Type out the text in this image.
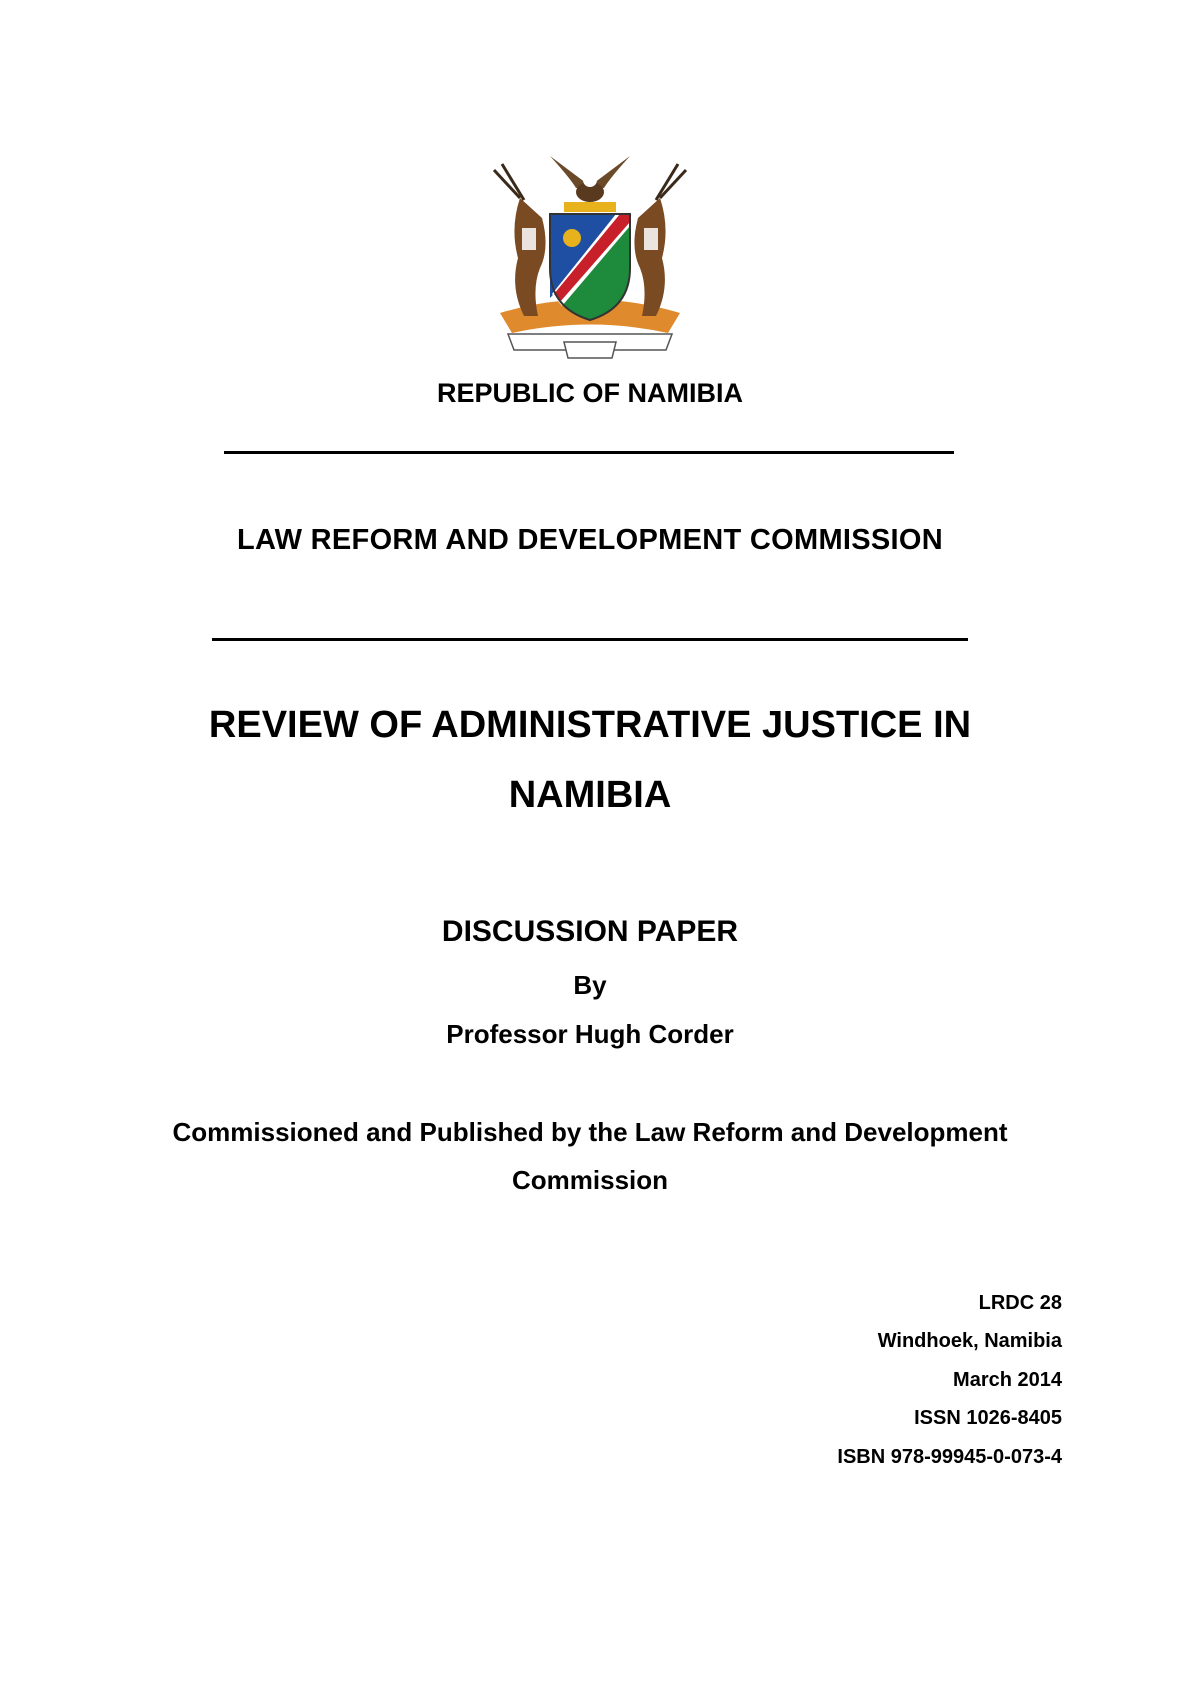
REPUBLIC OF NAMIBIA
LAW REFORM AND DEVELOPMENT COMMISSION
REVIEW OF ADMINISTRATIVE JUSTICE IN
NAMIBIA
DISCUSSION PAPER
By
Professor Hugh Corder
Commissioned and Published by the Law Reform and Development
Commission
LRDC 28
Windhoek, Namibia
March 2014
ISSN 1026-8405
ISBN 978-99945-0-073-4
